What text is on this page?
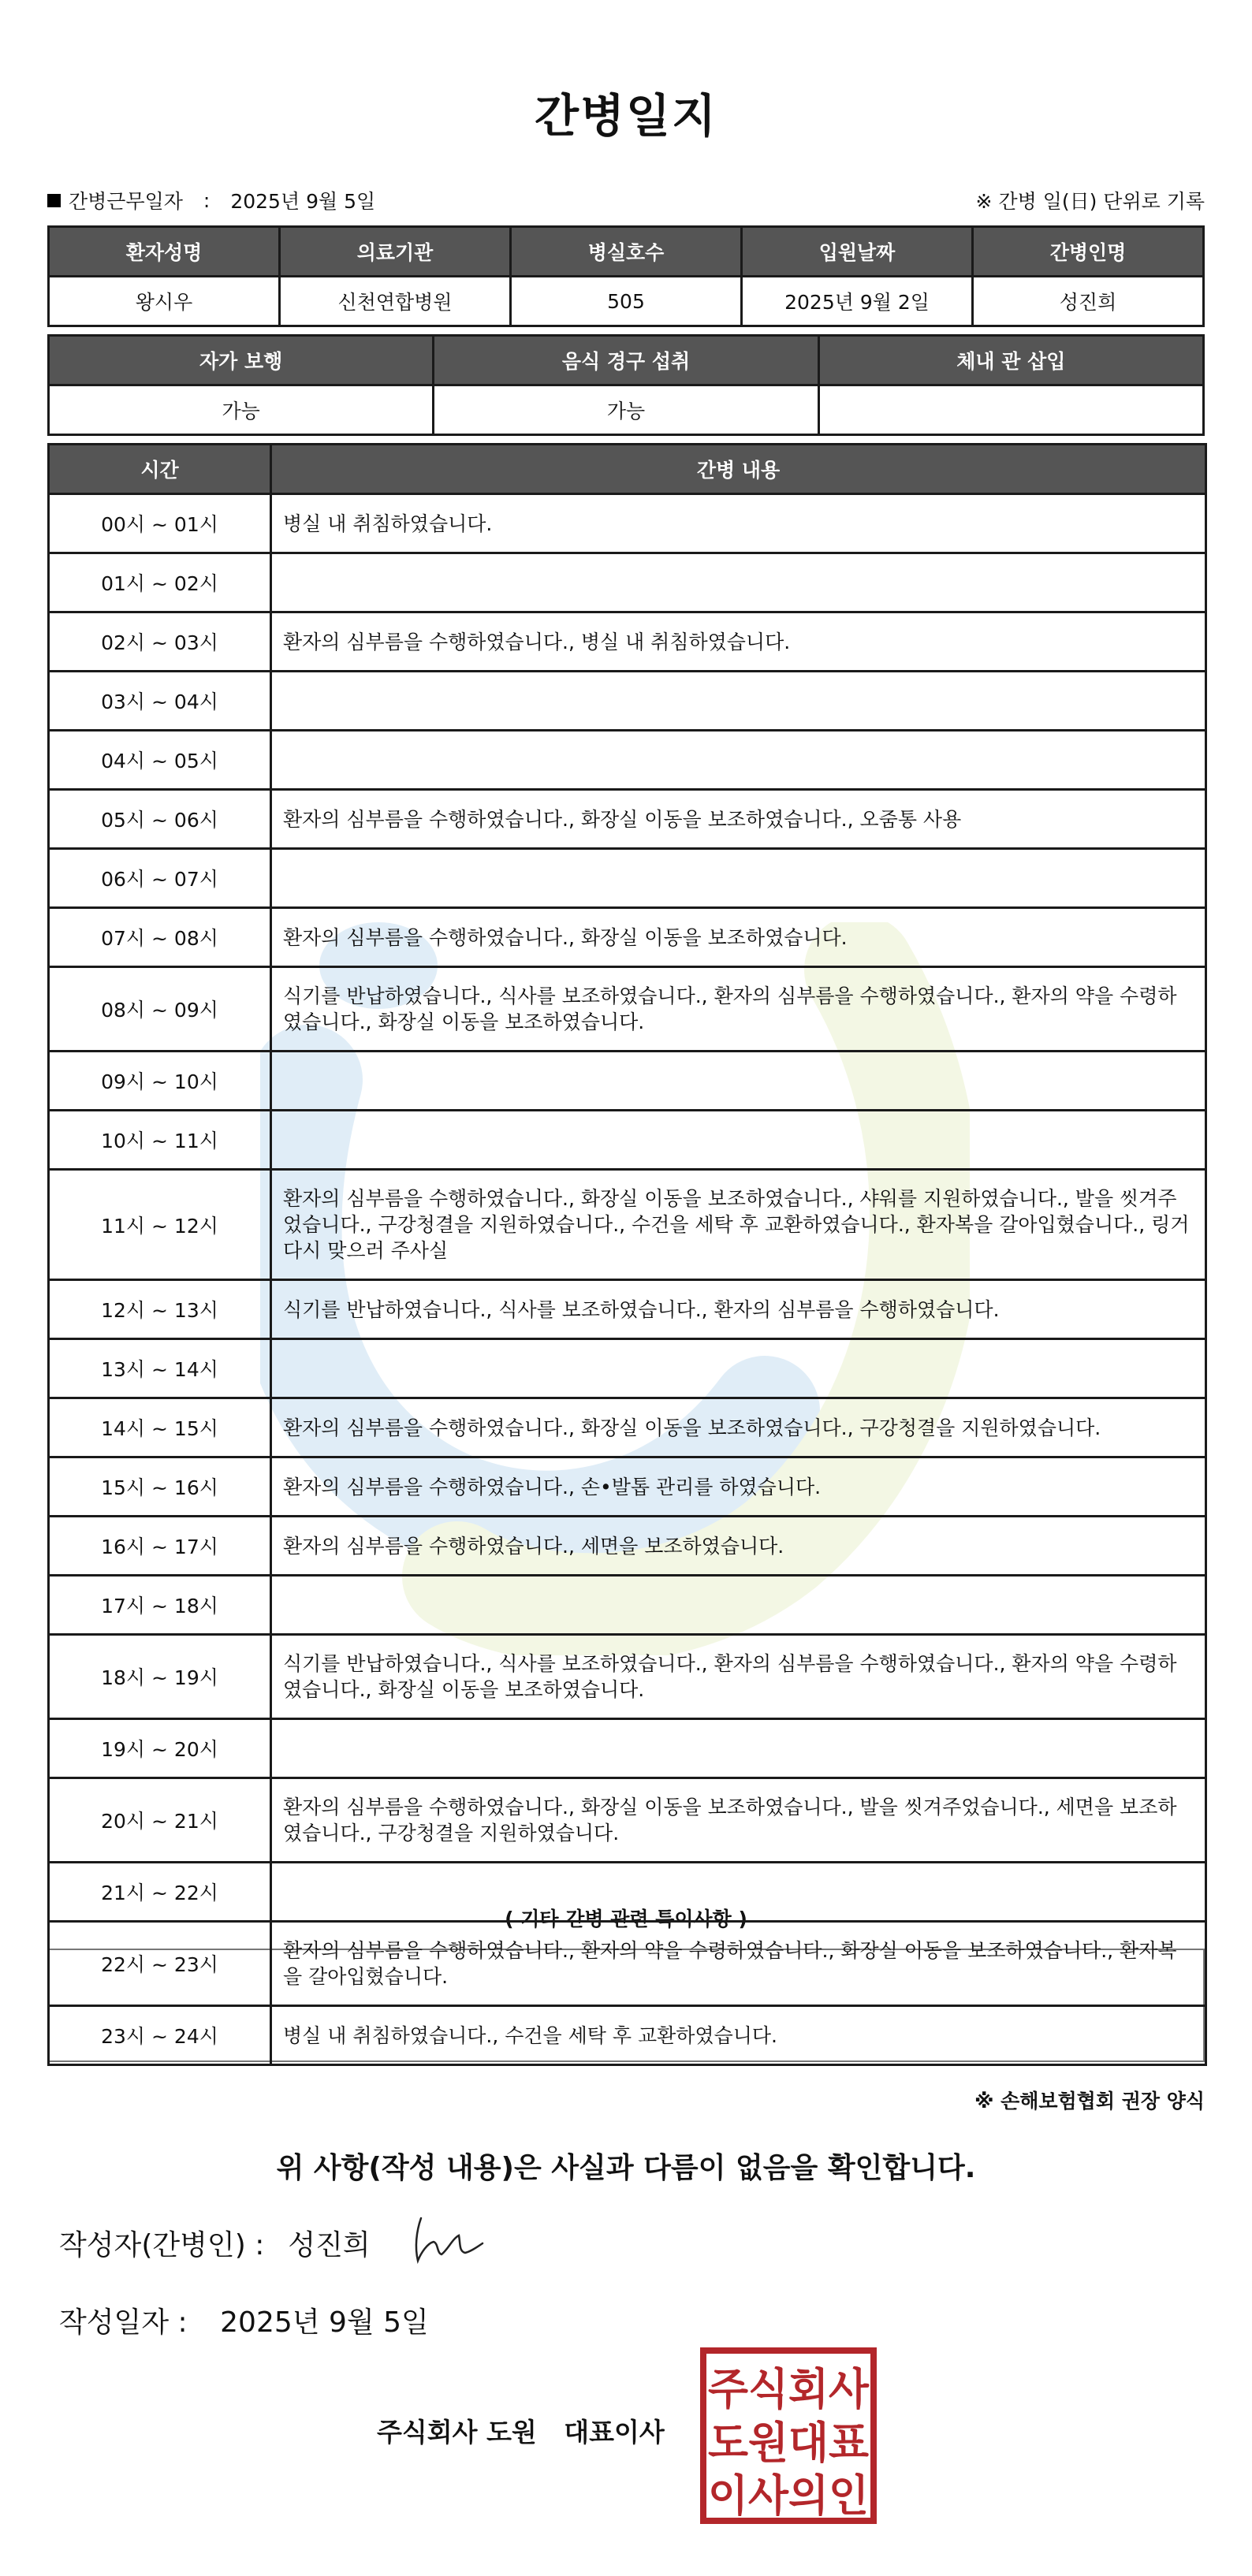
간병일지
간병근무일자 : 2025년 9월 5일	※ 간병 일(日) 단위로 기록
환자성명	의료기관	병실호수	입원날짜	간병인명
왕시우	신천연합병원	505	2025년 9월 2일	성진희
자가 보행	음식 경구 섭취	체내 관 삽입
가능	가능	
시간	간병 내용
00시 ~ 01시	병실 내 취침하였습니다.
01시 ~ 02시	
02시 ~ 03시	환자의 심부름을 수행하였습니다., 병실 내 취침하였습니다.
03시 ~ 04시	
04시 ~ 05시	
05시 ~ 06시	환자의 심부름을 수행하였습니다., 화장실 이동을 보조하였습니다., 오줌통 사용
06시 ~ 07시	
07시 ~ 08시	환자의 심부름을 수행하였습니다., 화장실 이동을 보조하였습니다.
08시 ~ 09시	식기를 반납하였습니다., 식사를 보조하였습니다., 환자의 심부름을 수행하였습니다., 환자의 약을 수령하였습니다., 화장실 이동을 보조하였습니다.
09시 ~ 10시	
10시 ~ 11시	
11시 ~ 12시	환자의 심부름을 수행하였습니다., 화장실 이동을 보조하였습니다., 샤워를 지원하였습니다., 발을 씻겨주었습니다., 구강청결을 지원하였습니다., 수건을 세탁 후 교환하였습니다., 환자복을 갈아입혔습니다., 링거 다시 맞으러 주사실
12시 ~ 13시	식기를 반납하였습니다., 식사를 보조하였습니다., 환자의 심부름을 수행하였습니다.
13시 ~ 14시	
14시 ~ 15시	환자의 심부름을 수행하였습니다., 화장실 이동을 보조하였습니다., 구강청결을 지원하였습니다.
15시 ~ 16시	환자의 심부름을 수행하였습니다., 손•발톱 관리를 하였습니다.
16시 ~ 17시	환자의 심부름을 수행하였습니다., 세면을 보조하였습니다.
17시 ~ 18시	
18시 ~ 19시	식기를 반납하였습니다., 식사를 보조하였습니다., 환자의 심부름을 수행하였습니다., 환자의 약을 수령하였습니다., 화장실 이동을 보조하였습니다.
19시 ~ 20시	
20시 ~ 21시	환자의 심부름을 수행하였습니다., 화장실 이동을 보조하였습니다., 발을 씻겨주었습니다., 세면을 보조하였습니다., 구강청결을 지원하였습니다.
21시 ~ 22시	
22시 ~ 23시	환자의 심부름을 수행하였습니다., 환자의 약을 수령하였습니다., 화장실 이동을 보조하였습니다., 환자복을 갈아입혔습니다.
23시 ~ 24시	병실 내 취침하였습니다., 수건을 세탁 후 교환하였습니다.
( 기타 간병 관련 특이사항 )
※ 손해보험협회 권장 양식
위 사항(작성 내용)은 사실과 다름이 없음을 확인합니다.
작성자(간병인) : 성진희
작성일자 : 2025년 9월 5일
주식회사 도원   대표이사
주식회사
도원대표
이사의인
